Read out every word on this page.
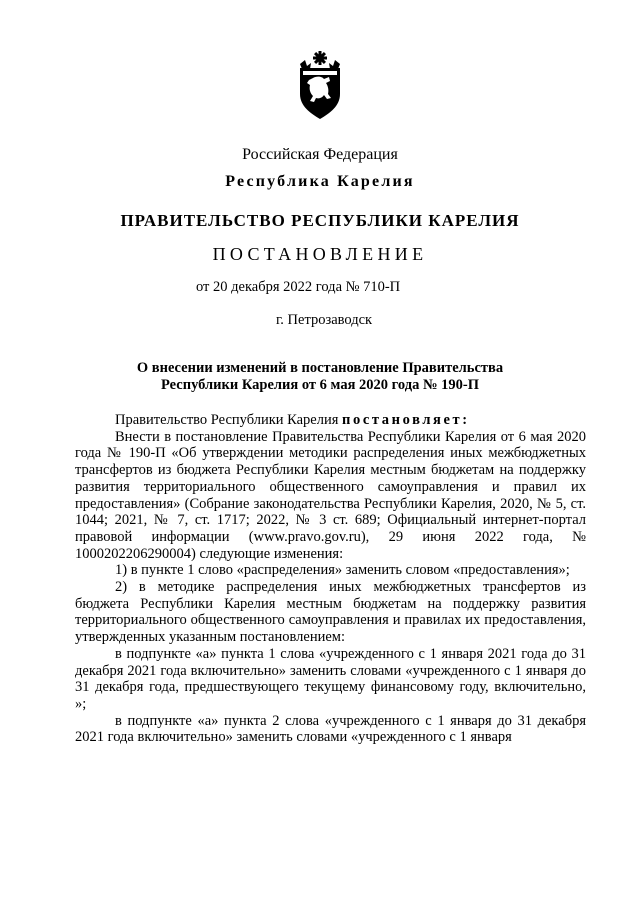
Российская Федерация
Республика Карелия
ПРАВИТЕЛЬСТВО РЕСПУБЛИКИ КАРЕЛИЯ
ПОСТАНОВЛЕНИЕ
от 20 декабря 2022 года № 710-П
г. Петрозаводск
О внесении изменений в постановление Правительства
Республики Карелия от 6 мая 2020 года № 190-П

Правительство Республики Карелия постановляет:

Внести в постановление Правительства Республики Карелия от 6 мая 2020 года № 190-П «Об утверждении методики распределения иных межбюджетных трансфертов из бюджета Республики Карелия местным бюджетам на поддержку развития территориального общественного самоуправления и правил их предоставления» (Собрание законодательства Республики Карелия, 2020, № 5, ст. 1044; 2021, № 7, ст. 1717; 2022, № 3 ст. 689; Официальный интернет-портал правовой информации (www.pravo.gov.ru), 29 июня 2022 года, № 1000202206290004) следующие изменения:

1) в пункте 1 слово «распределения» заменить словом «предоставления»;

2) в методике распределения иных межбюджетных трансфертов из бюджета Республики Карелия местным бюджетам на поддержку развития территориального общественного самоуправления и правилах их предоставления, утвержденных указанным постановлением:

в подпункте «а» пункта 1 слова «учрежденного с 1 января 2021 года до 31 декабря 2021 года включительно» заменить словами «учрежденного с 1 января до 31 декабря года, предшествующего текущему финансовому году, включительно, »;

в подпункте «а» пункта 2 слова «учрежденного с 1 января до 31 декабря 2021 года включительно» заменить словами «учрежденного с 1 января
